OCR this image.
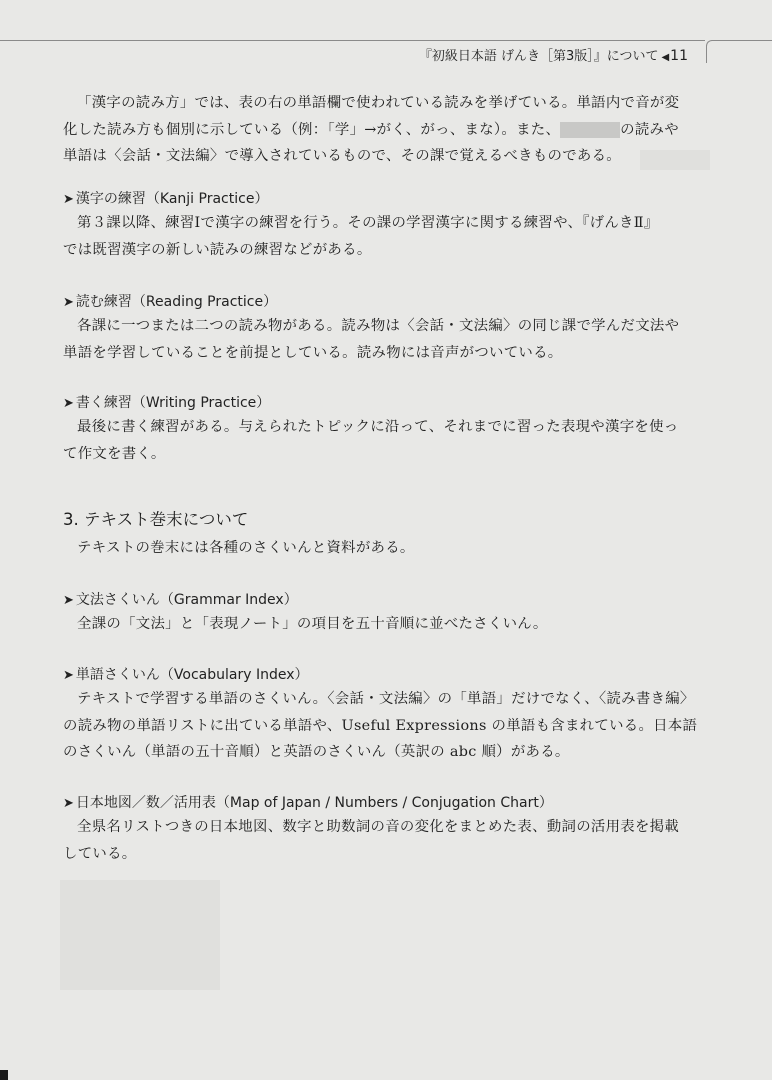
『初級日本語 げんき［第3版］』について ◀11

「漢字の読み方」では、表の右の単語欄で使われている読みを挙げている。単語内で音が変

化した読み方も個別に示している（例：「学」→がく、がっ、まな）。また、	の読みや

単語は〈会話・文法編〉で導入されているもので、その課で覚えるべきものである。

➤ 漢字の練習（Kanji Practice）

第３課以降、練習Ⅰで漢字の練習を行う。その課の学習漢字に関する練習や、『げんきⅡ』

では既習漢字の新しい読みの練習などがある。

➤ 読む練習（Reading Practice）

各課に一つまたは二つの読み物がある。読み物は〈会話・文法編〉の同じ課で学んだ文法や

単語を学習していることを前提としている。読み物には音声がついている。

➤ 書く練習（Writing Practice）

最後に書く練習がある。与えられたトピックに沿って、それまでに習った表現や漢字を使っ

て作文を書く。

3. テキスト巻末について

テキストの巻末には各種のさくいんと資料がある。

➤ 文法さくいん（Grammar Index）

全課の「文法」と「表現ノート」の項目を五十音順に並べたさくいん。

➤ 単語さくいん（Vocabulary Index）

テキストで学習する単語のさくいん。〈会話・文法編〉の「単語」だけでなく、〈読み書き編〉

の読み物の単語リストに出ている単語や、Useful Expressions の単語も含まれている。日本語

のさくいん（単語の五十音順）と英語のさくいん（英訳の abc 順）がある。

➤ 日本地図／数／活用表（Map of Japan / Numbers / Conjugation Chart）

全県名リストつきの日本地図、数字と助数詞の音の変化をまとめた表、動詞の活用表を掲載

している。
